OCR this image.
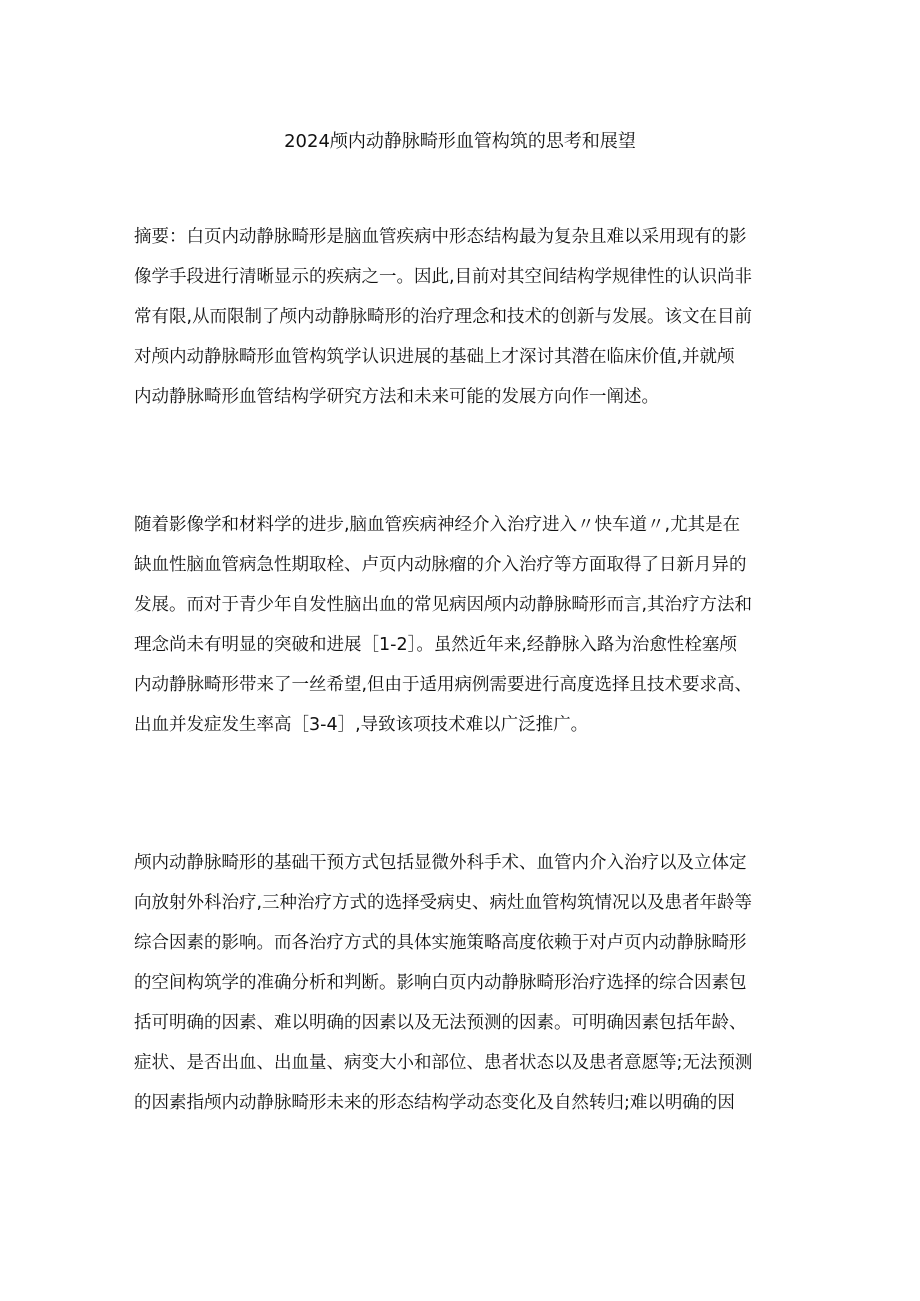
2024颅内动静脉畸形血管构筑的思考和展望
摘要：白页内动静脉畸形是脑血管疾病中形态结构最为复杂且难以采用现有的影
像学手段进行清晰显示的疾病之一。因此,目前对其空间结构学规律性的认识尚非
常有限,从而限制了颅内动静脉畸形的治疗理念和技术的创新与发展。该文在目前
对颅内动静脉畸形血管构筑学认识进展的基础上才深讨其潜在临床价值,并就颅
内动静脉畸形血管结构学研究方法和未来可能的发展方向作一阐述。
随着影像学和材料学的进步,脑血管疾病神经介入治疗进入〃快车道〃,尤其是在
缺血性脑血管病急性期取栓、卢页内动脉瘤的介入治疗等方面取得了日新月异的
发展。而对于青少年自发性脑出血的常见病因颅内动静脉畸形而言,其治疗方法和
理念尚未有明显的突破和进展［1-2］。虽然近年来,经静脉入路为治愈性栓塞颅
内动静脉畸形带来了一丝希望,但由于适用病例需要进行高度选择且技术要求高、
出血并发症发生率高［3-4］,导致该项技术难以广泛推广。
颅内动静脉畸形的基础干预方式包括显微外科手术、血管内介入治疗以及立体定
向放射外科治疗,三种治疗方式的选择受病史、病灶血管构筑情况以及患者年龄等
综合因素的影响。而各治疗方式的具体实施策略高度依赖于对卢页内动静脉畸形
的空间构筑学的准确分析和判断。影响白页内动静脉畸形治疗选择的综合因素包
括可明确的因素、难以明确的因素以及无法预测的因素。可明确因素包括年龄、
症状、是否出血、出血量、病变大小和部位、患者状态以及患者意愿等;无法预测
的因素指颅内动静脉畸形未来的形态结构学动态变化及自然转归;难以明确的因
